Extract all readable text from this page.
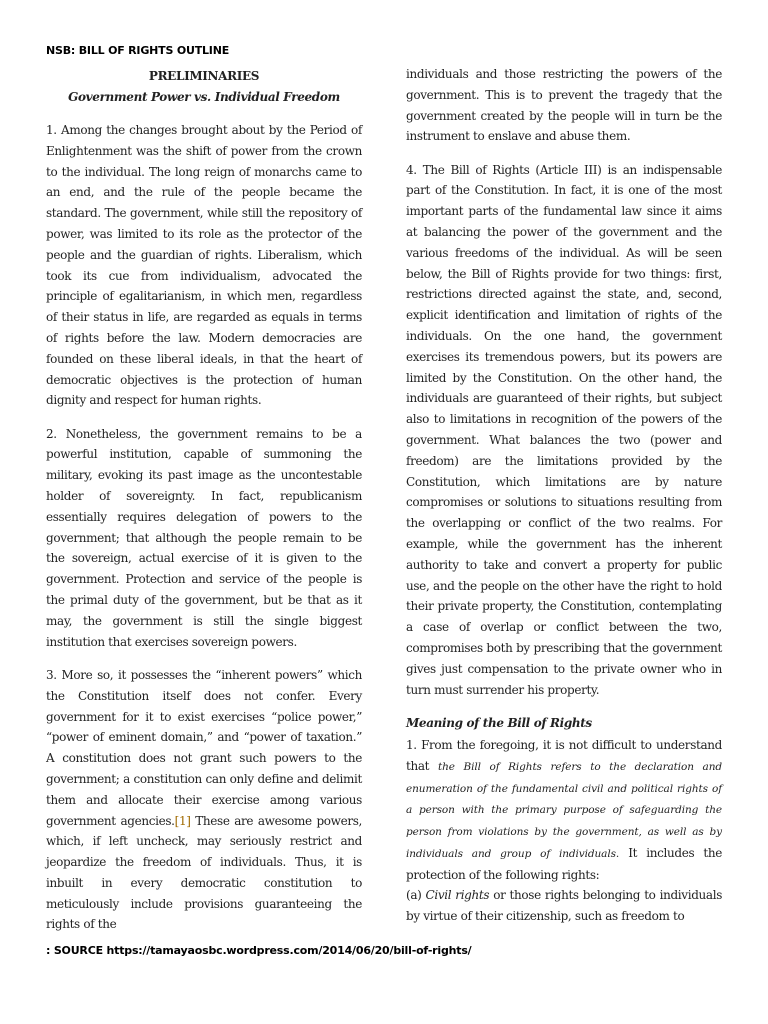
NSB: BILL OF RIGHTS OUTLINE
PRELIMINARIES
Government Power vs. Individual Freedom

1. Among the changes brought about by the Period of Enlightenment was the shift of power from the crown to the individual. The long reign of monarchs came to an end, and the rule of the people became the standard. The government, while still the repository of power, was limited to its role as the protector of the people and the guardian of rights. Liberalism, which took its cue from individualism, advocated the principle of egalitarianism, in which men, regardless of their status in life, are regarded as equals in terms of rights before the law. Modern democracies are founded on these liberal ideals, in that the heart of democratic objectives is the protection of human dignity and respect for human rights.

2. Nonetheless, the government remains to be a powerful institution, capable of summoning the military, evoking its past image as the uncontestable holder of sovereignty. In fact, republicanism essentially requires delegation of powers to the government; that although the people remain to be the sovereign, actual exercise of it is given to the government. Protection and service of the people is the primal duty of the government, but be that as it may, the government is still the single biggest institution that exercises sovereign powers.

3. More so, it possesses the “inherent powers” which the Constitution itself does not confer. Every government for it to exist exercises “police power,” “power of eminent domain,” and “power of taxation.” A constitution does not grant such powers to the government; a constitution can only define and delimit them and allocate their exercise among various government agencies.[1] These are awesome powers, which, if left uncheck, may seriously restrict and jeopardize the freedom of individuals. Thus, it is inbuilt in every democratic constitution to meticulously include provisions guaranteeing the rights of the

individuals and those restricting the powers of the government. This is to prevent the tragedy that the government created by the people will in turn be the instrument to enslave and abuse them.

4. The Bill of Rights (Article III) is an indispensable part of the Constitution. In fact, it is one of the most important parts of the fundamental law since it aims at balancing the power of the government and the various freedoms of the individual. As will be seen below, the Bill of Rights provide for two things: first, restrictions directed against the state, and, second, explicit identification and limitation of rights of the individuals. On the one hand, the government exercises its tremendous powers, but its powers are limited by the Constitution. On the other hand, the individuals are guaranteed of their rights, but subject also to limitations in recognition of the powers of the government. What balances the two (power and freedom) are the limitations provided by the Constitution, which limitations are by nature compromises or solutions to situations resulting from the overlapping or conflict of the two realms. For example, while the government has the inherent authority to take and convert a property for public use, and the people on the other have the right to hold their private property, the Constitution, contemplating a case of overlap or conflict between the two, compromises both by prescribing that the government gives just compensation to the private owner who in turn must surrender his property.

Meaning of the Bill of Rights

1. From the foregoing, it is not difficult to understand that the Bill of Rights refers to the declaration and enumeration of the fundamental civil and political rights of a person with the primary purpose of safeguarding the person from violations by the government, as well as by individuals and group of individuals. It includes the protection of the following rights:

(a) Civil rights or those rights belonging to individuals by virtue of their citizenship, such as freedom to

: SOURCE https://tamayaosbc.wordpress.com/2014/06/20/bill-of-rights/
